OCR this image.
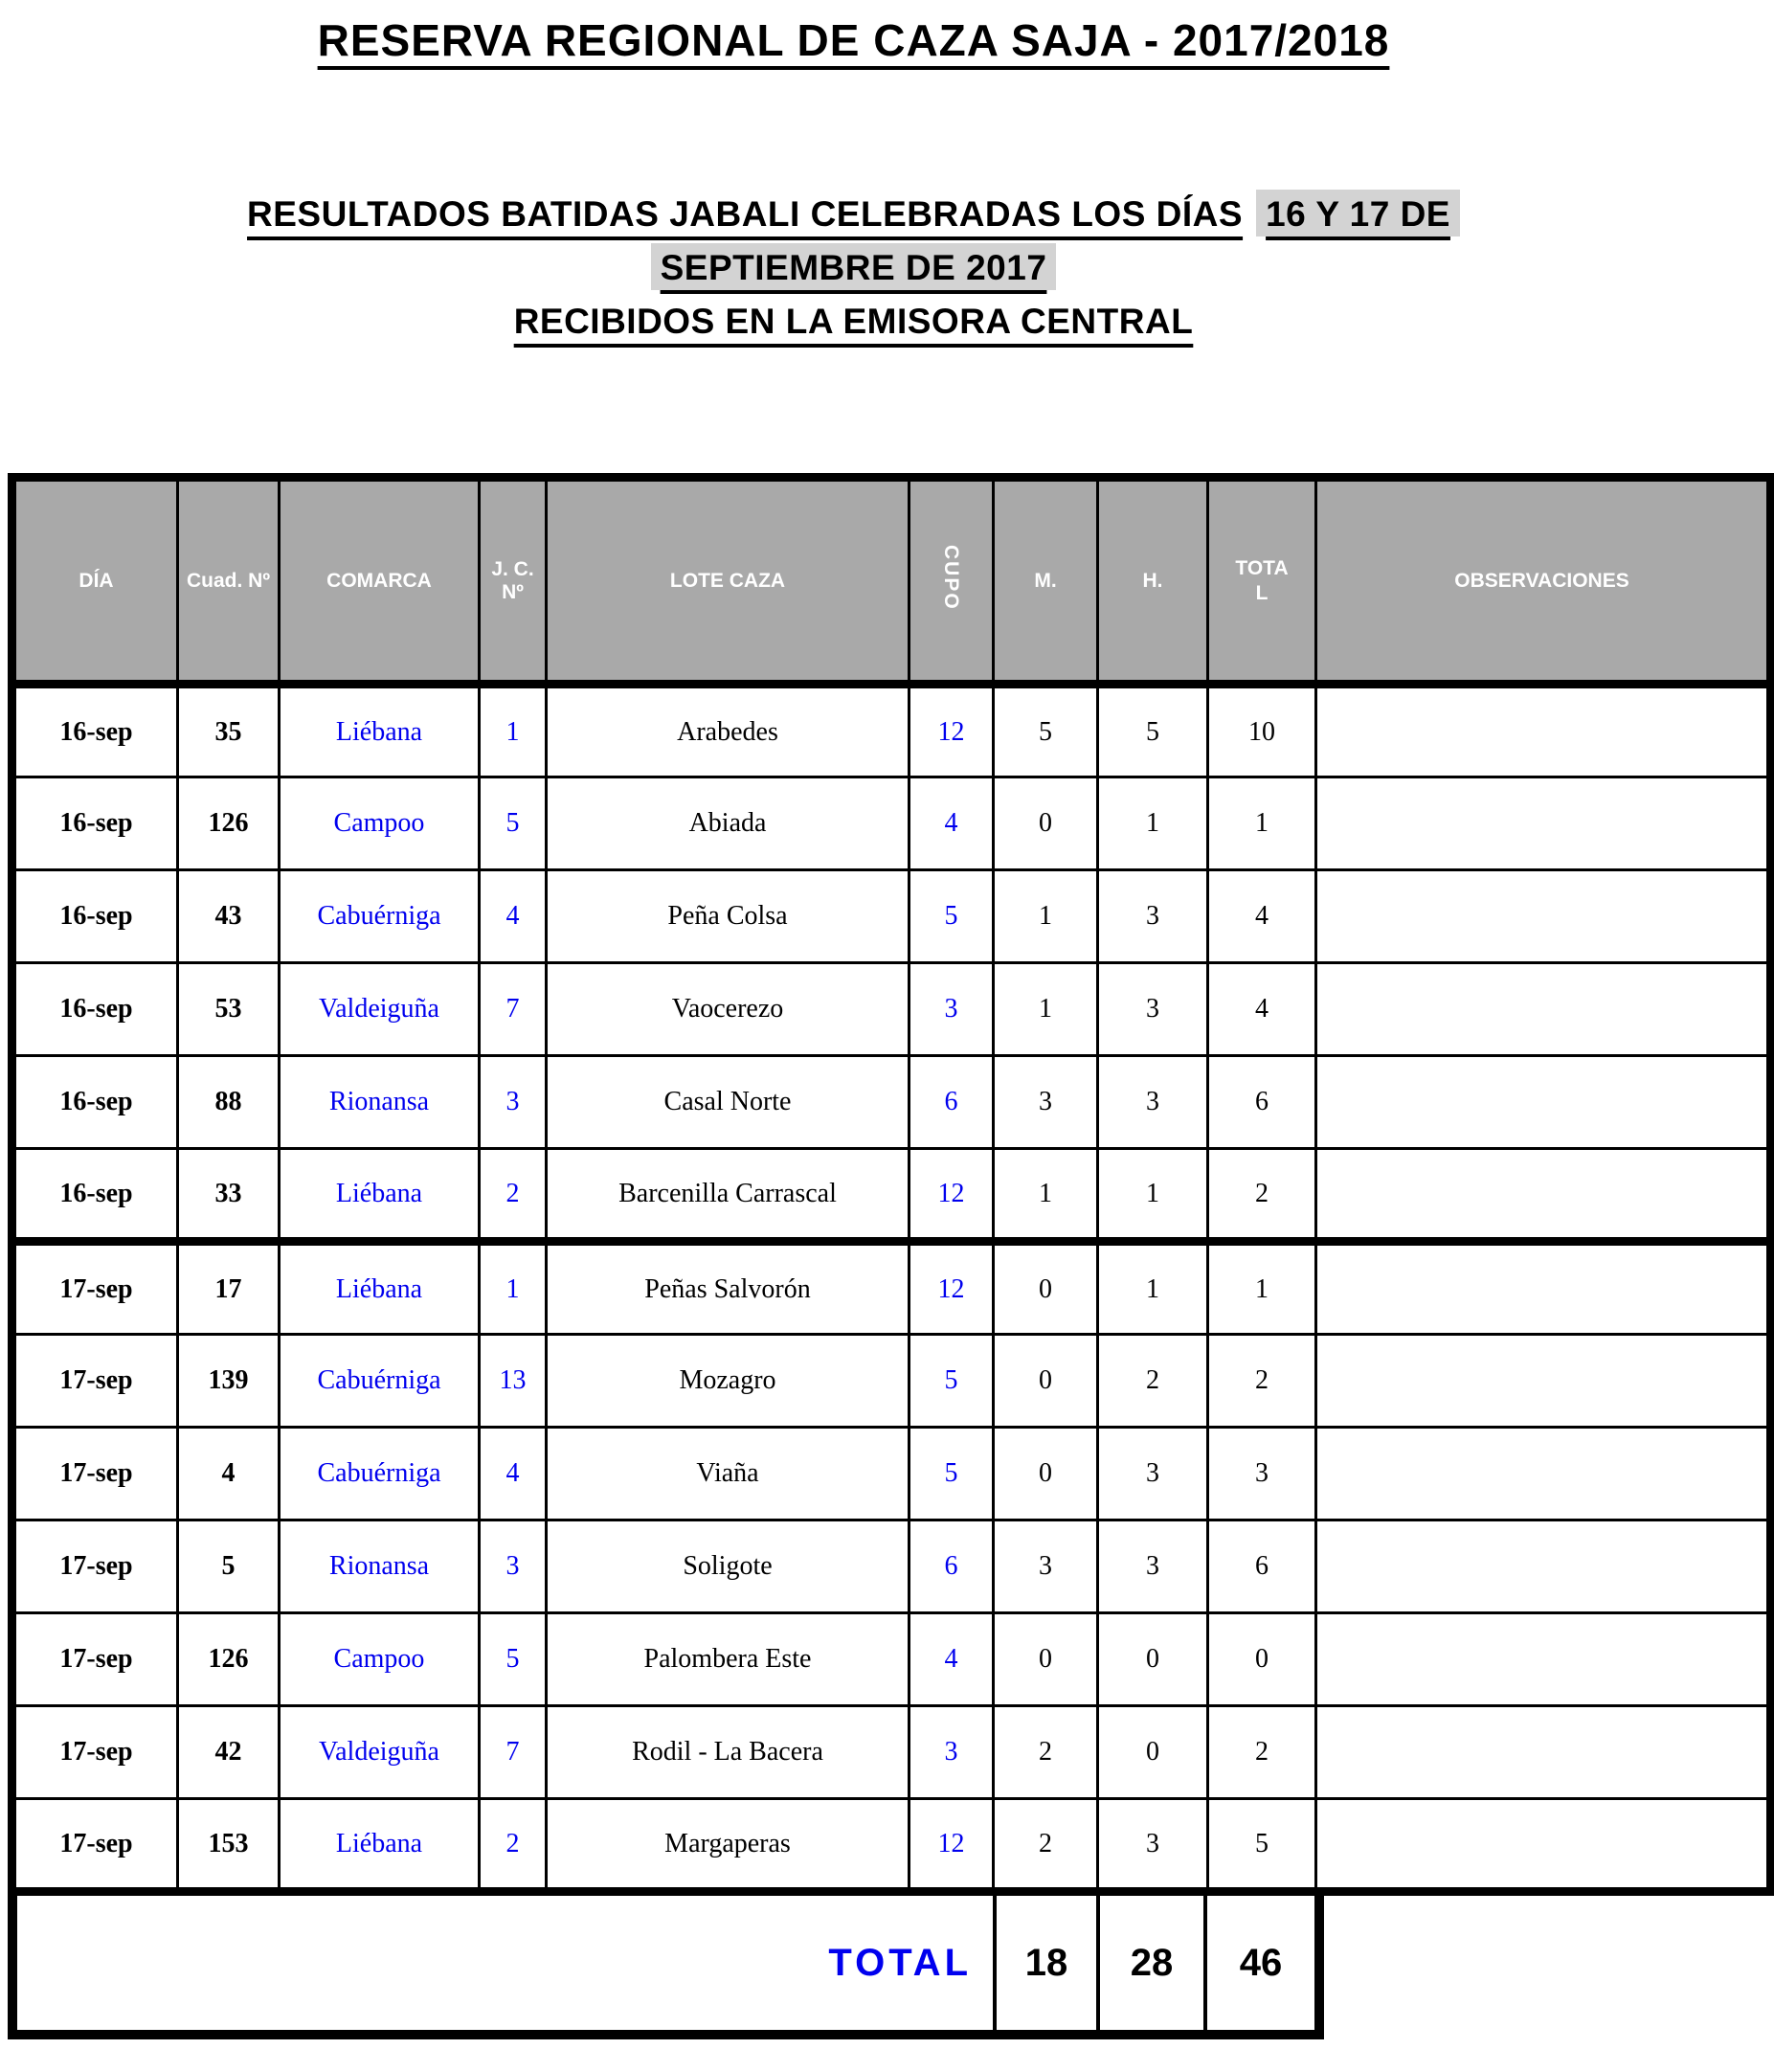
RESERVA REGIONAL DE CAZA SAJA - 2017/2018
RESULTADOS BATIDAS JABALI CELEBRADAS LOS DÍAS 16 Y 17 DE
SEPTIEMBRE DE 2017
RECIBIDOS EN LA EMISORA CENTRAL
DÍA	Cuad. Nº	COMARCA	J. C. Nº	LOTE CAZA	CUPO	M.	H.	TOTAL	OBSERVACIONES
16-sep	35	Liébana	1	Arabedes	12	5	5	10	
16-sep	126	Campoo	5	Abiada	4	0	1	1	
16-sep	43	Cabuérniga	4	Peña Colsa	5	1	3	4	
16-sep	53	Valdeiguña	7	Vaocerezo	3	1	3	4	
16-sep	88	Rionansa	3	Casal Norte	6	3	3	6	
16-sep	33	Liébana	2	Barcenilla Carrascal	12	1	1	2	
17-sep	17	Liébana	1	Peñas Salvorón	12	0	1	1	
17-sep	139	Cabuérniga	13	Mozagro	5	0	2	2	
17-sep	4	Cabuérniga	4	Viaña	5	0	3	3	
17-sep	5	Rionansa	3	Soligote	6	3	3	6	
17-sep	126	Campoo	5	Palombera Este	4	0	0	0	
17-sep	42	Valdeiguña	7	Rodil - La Bacera	3	2	0	2	
17-sep	153	Liébana	2	Margaperas	12	2	3	5	
TOTAL	18	28	46
